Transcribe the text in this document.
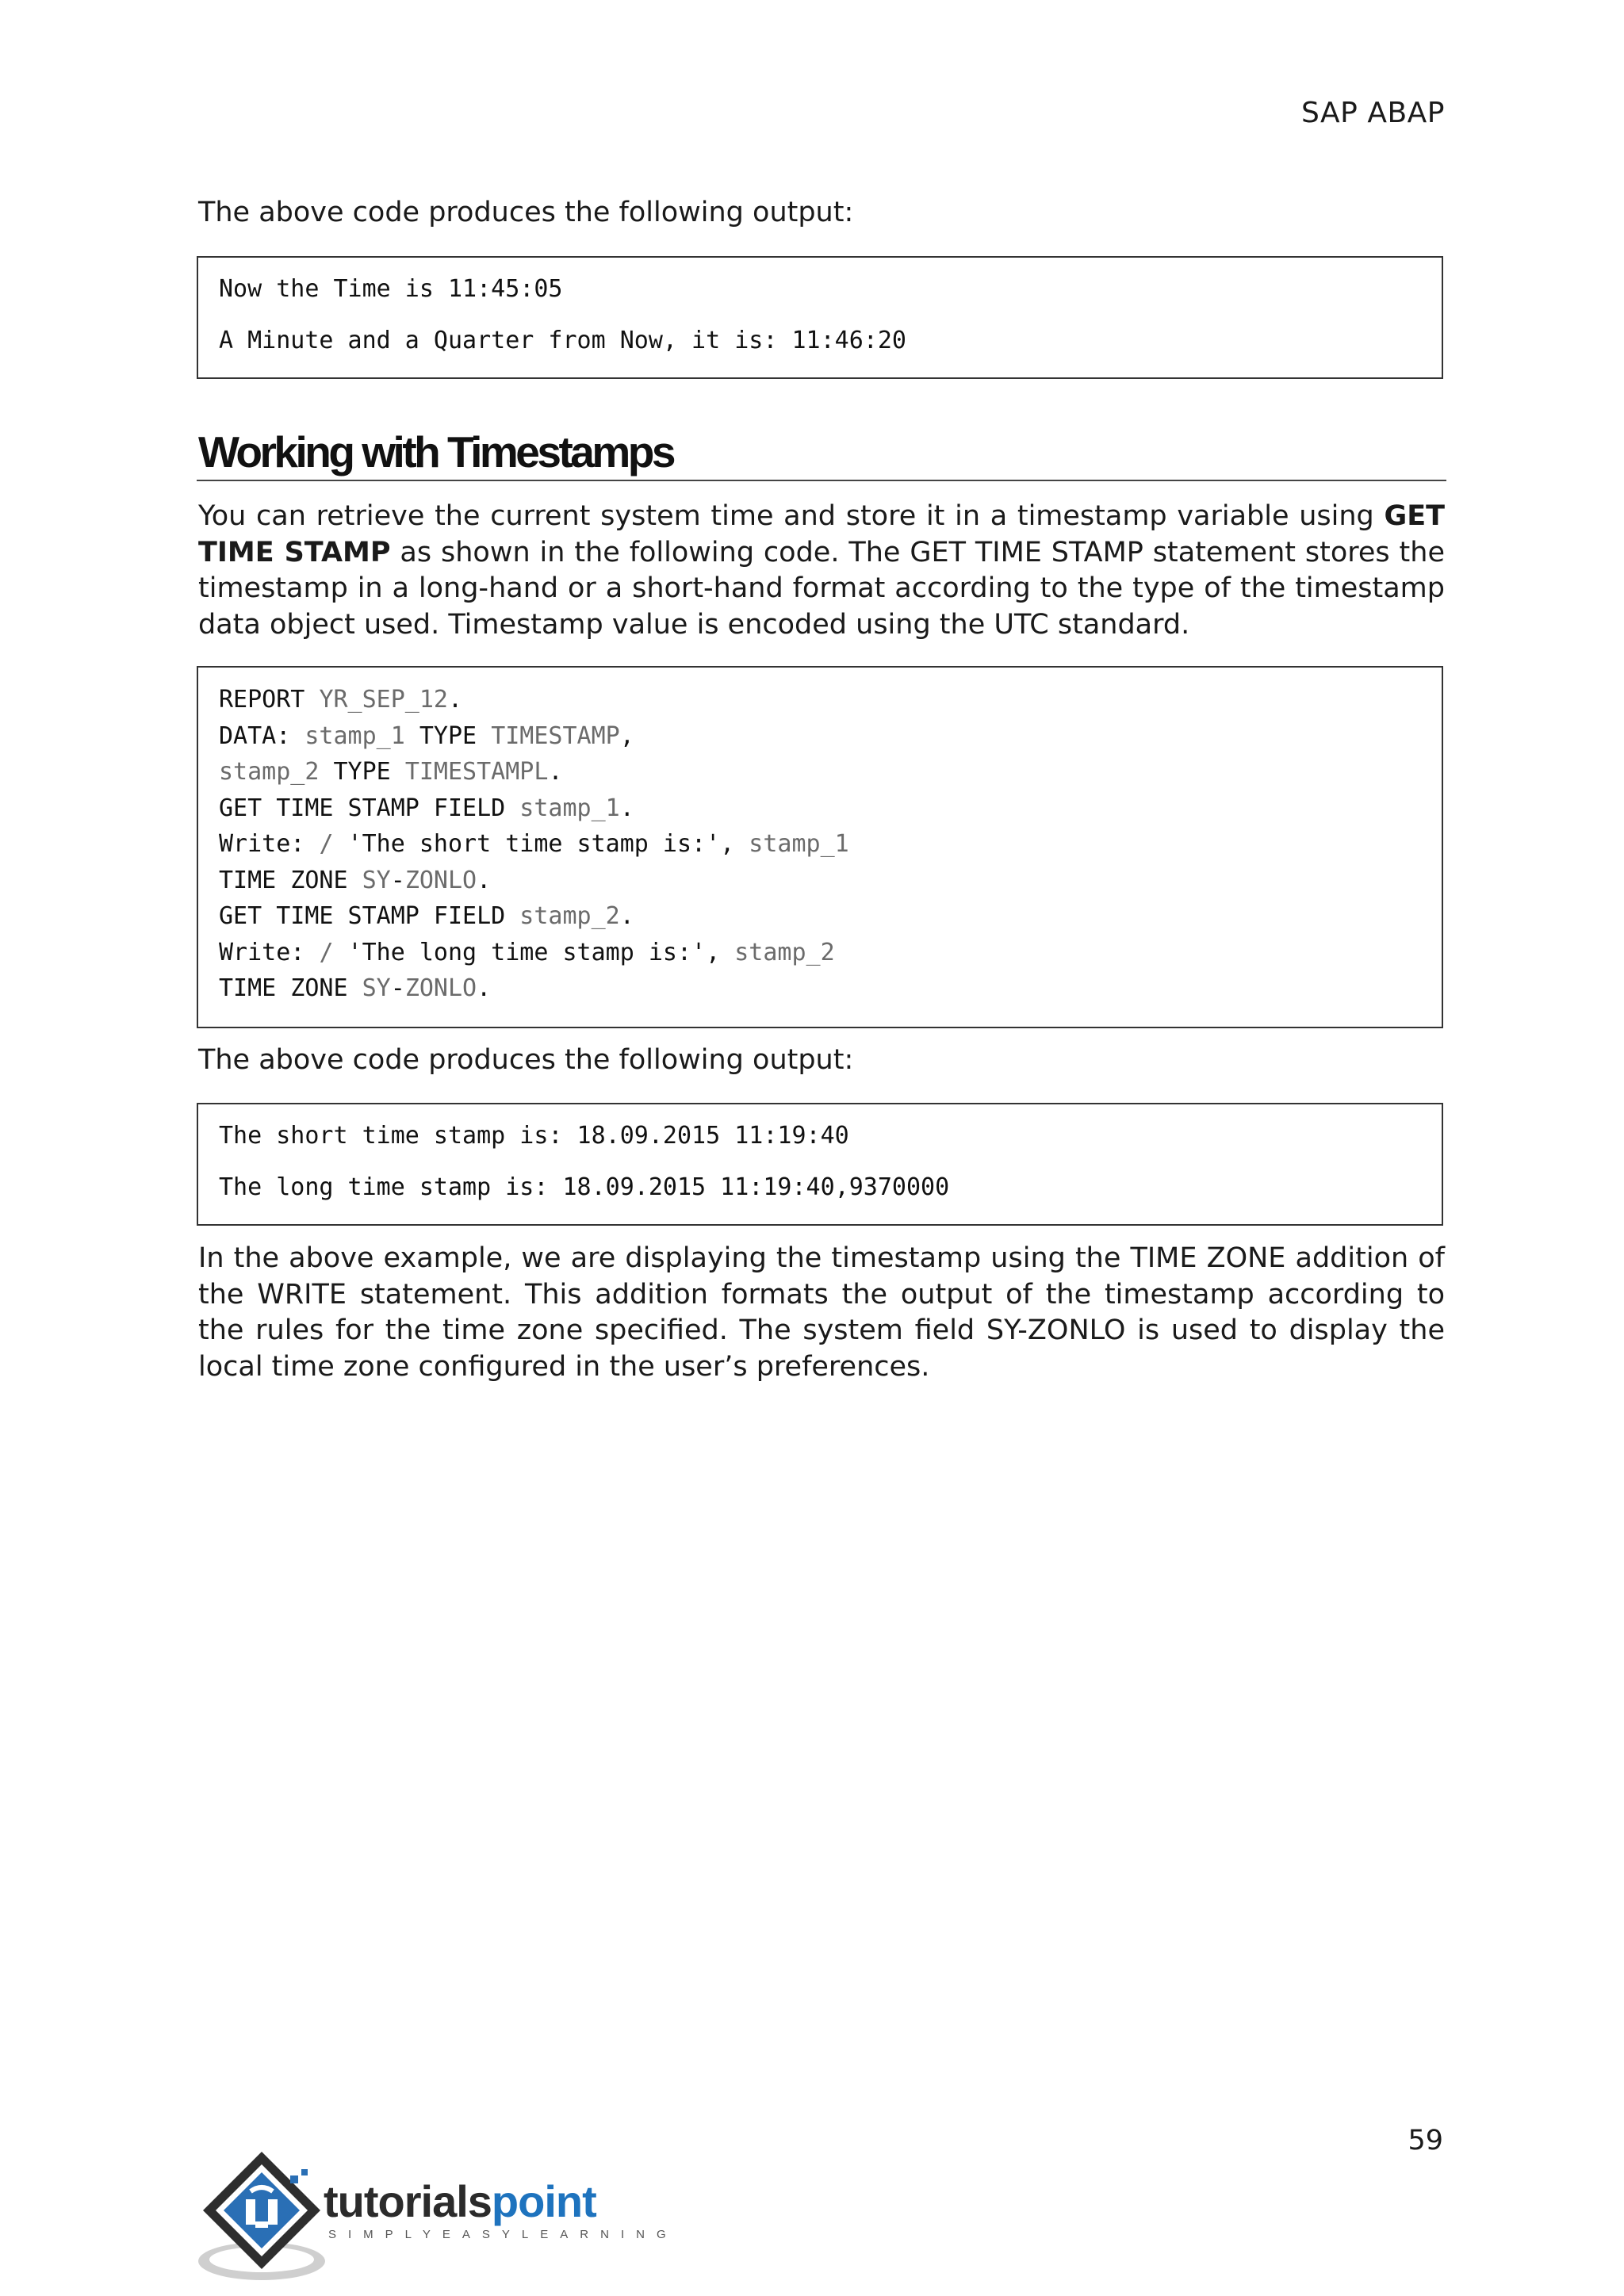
SAP ABAP
The above code produces the following output:
Now the Time is 11:45:05
A Minute and a Quarter from Now, it is: 11:46:20
Working with Timestamps
You can retrieve the current system time and store it in a timestamp variable using GET TIME STAMP as shown in the following code. The GET TIME STAMP statement stores the timestamp in a long-hand or a short-hand format according to the type of the timestamp data object used. Timestamp value is encoded using the UTC standard.
REPORT YR_SEP_12.
DATA: stamp_1 TYPE TIMESTAMP,
stamp_2 TYPE TIMESTAMPL.
GET TIME STAMP FIELD stamp_1.
Write: / 'The short time stamp is:', stamp_1
TIME ZONE SY-ZONLO.
GET TIME STAMP FIELD stamp_2.
Write: / 'The long time stamp is:', stamp_2
TIME ZONE SY-ZONLO.
The above code produces the following output:
The short time stamp is: 18.09.2015 11:19:40
The long time stamp is: 18.09.2015 11:19:40,9370000
In the above example, we are displaying the timestamp using the TIME ZONE addition of the WRITE statement. This addition formats the output of the timestamp according to the rules for the time zone specified. The system field SY-ZONLO is used to display the local time zone configured in the user’s preferences.
59
tutorialspoint
SIMPLYEASYLEARNING
